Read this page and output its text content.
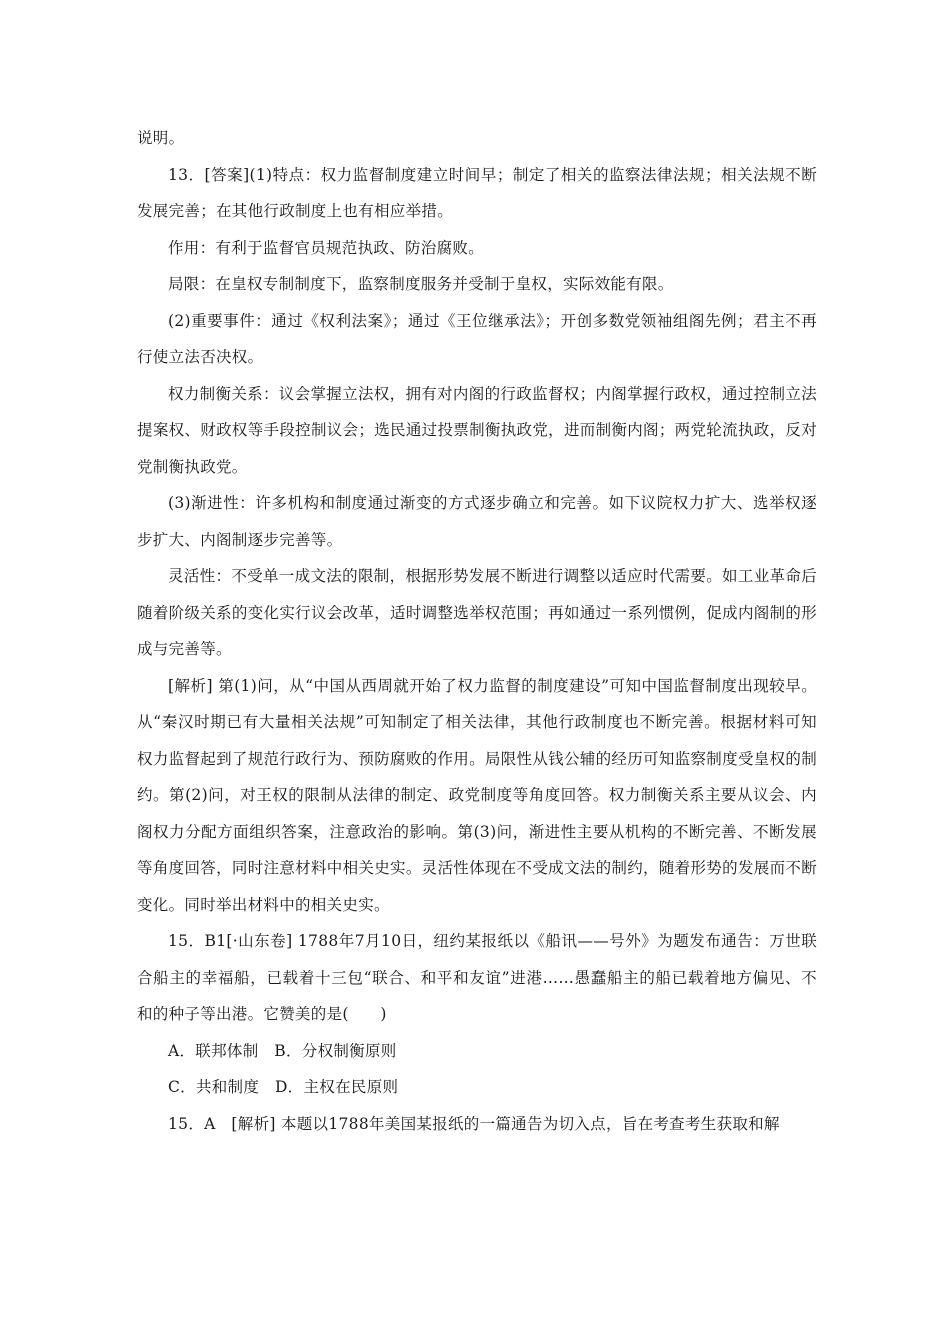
说明。

13．[答案](1)特点：权力监督制度建立时间早；制定了相关的监察法律法规；相关法规不断发展完善；在其他行政制度上也有相应举措。

作用：有利于监督官员规范执政、防治腐败。

局限：在皇权专制制度下，监察制度服务并受制于皇权，实际效能有限。

(2)重要事件：通过《权利法案》；通过《王位继承法》；开创多数党领袖组阁先例；君主不再行使立法否决权。

权力制衡关系：议会掌握立法权，拥有对内阁的行政监督权；内阁掌握行政权，通过控制立法提案权、财政权等手段控制议会；选民通过投票制衡执政党，进而制衡内阁；两党轮流执政，反对党制衡执政党。

(3)渐进性：许多机构和制度通过渐变的方式逐步确立和完善。如下议院权力扩大、选举权逐步扩大、内阁制逐步完善等。

灵活性：不受单一成文法的限制，根据形势发展不断进行调整以适应时代需要。如工业革命后随着阶级关系的变化实行议会改革，适时调整选举权范围；再如通过一系列惯例，促成内阁制的形成与完善等。

[解析] 第(1)问，从“中国从西周就开始了权力监督的制度建设”可知中国监督制度出现较早。从“秦汉时期已有大量相关法规”可知制定了相关法律，其他行政制度也不断完善。根据材料可知权力监督起到了规范行政行为、预防腐败的作用。局限性从钱公辅的经历可知监察制度受皇权的制约。第(2)问，对王权的限制从法律的制定、政党制度等角度回答。权力制衡关系主要从议会、内阁权力分配方面组织答案，注意政治的影响。第(3)问，渐进性主要从机构的不断完善、不断发展等角度回答，同时注意材料中相关史实。灵活性体现在不受成文法的制约，随着形势的发展而不断变化。同时举出材料中的相关史实。

15．B1[·山东卷] 1788年7月10日，纽约某报纸以《船讯——号外》为题发布通告：万世联合船主的幸福船，已载着十三包“联合、和平和友谊”进港……愚蠢船主的船已载着地方偏见、不和的种子等出港。它赞美的是(　　)

A．联邦体制　B．分权制衡原则

C．共和制度　D．主权在民原则

15．A　[解析] 本题以1788年美国某报纸的一篇通告为切入点，旨在考查考生获取和解
